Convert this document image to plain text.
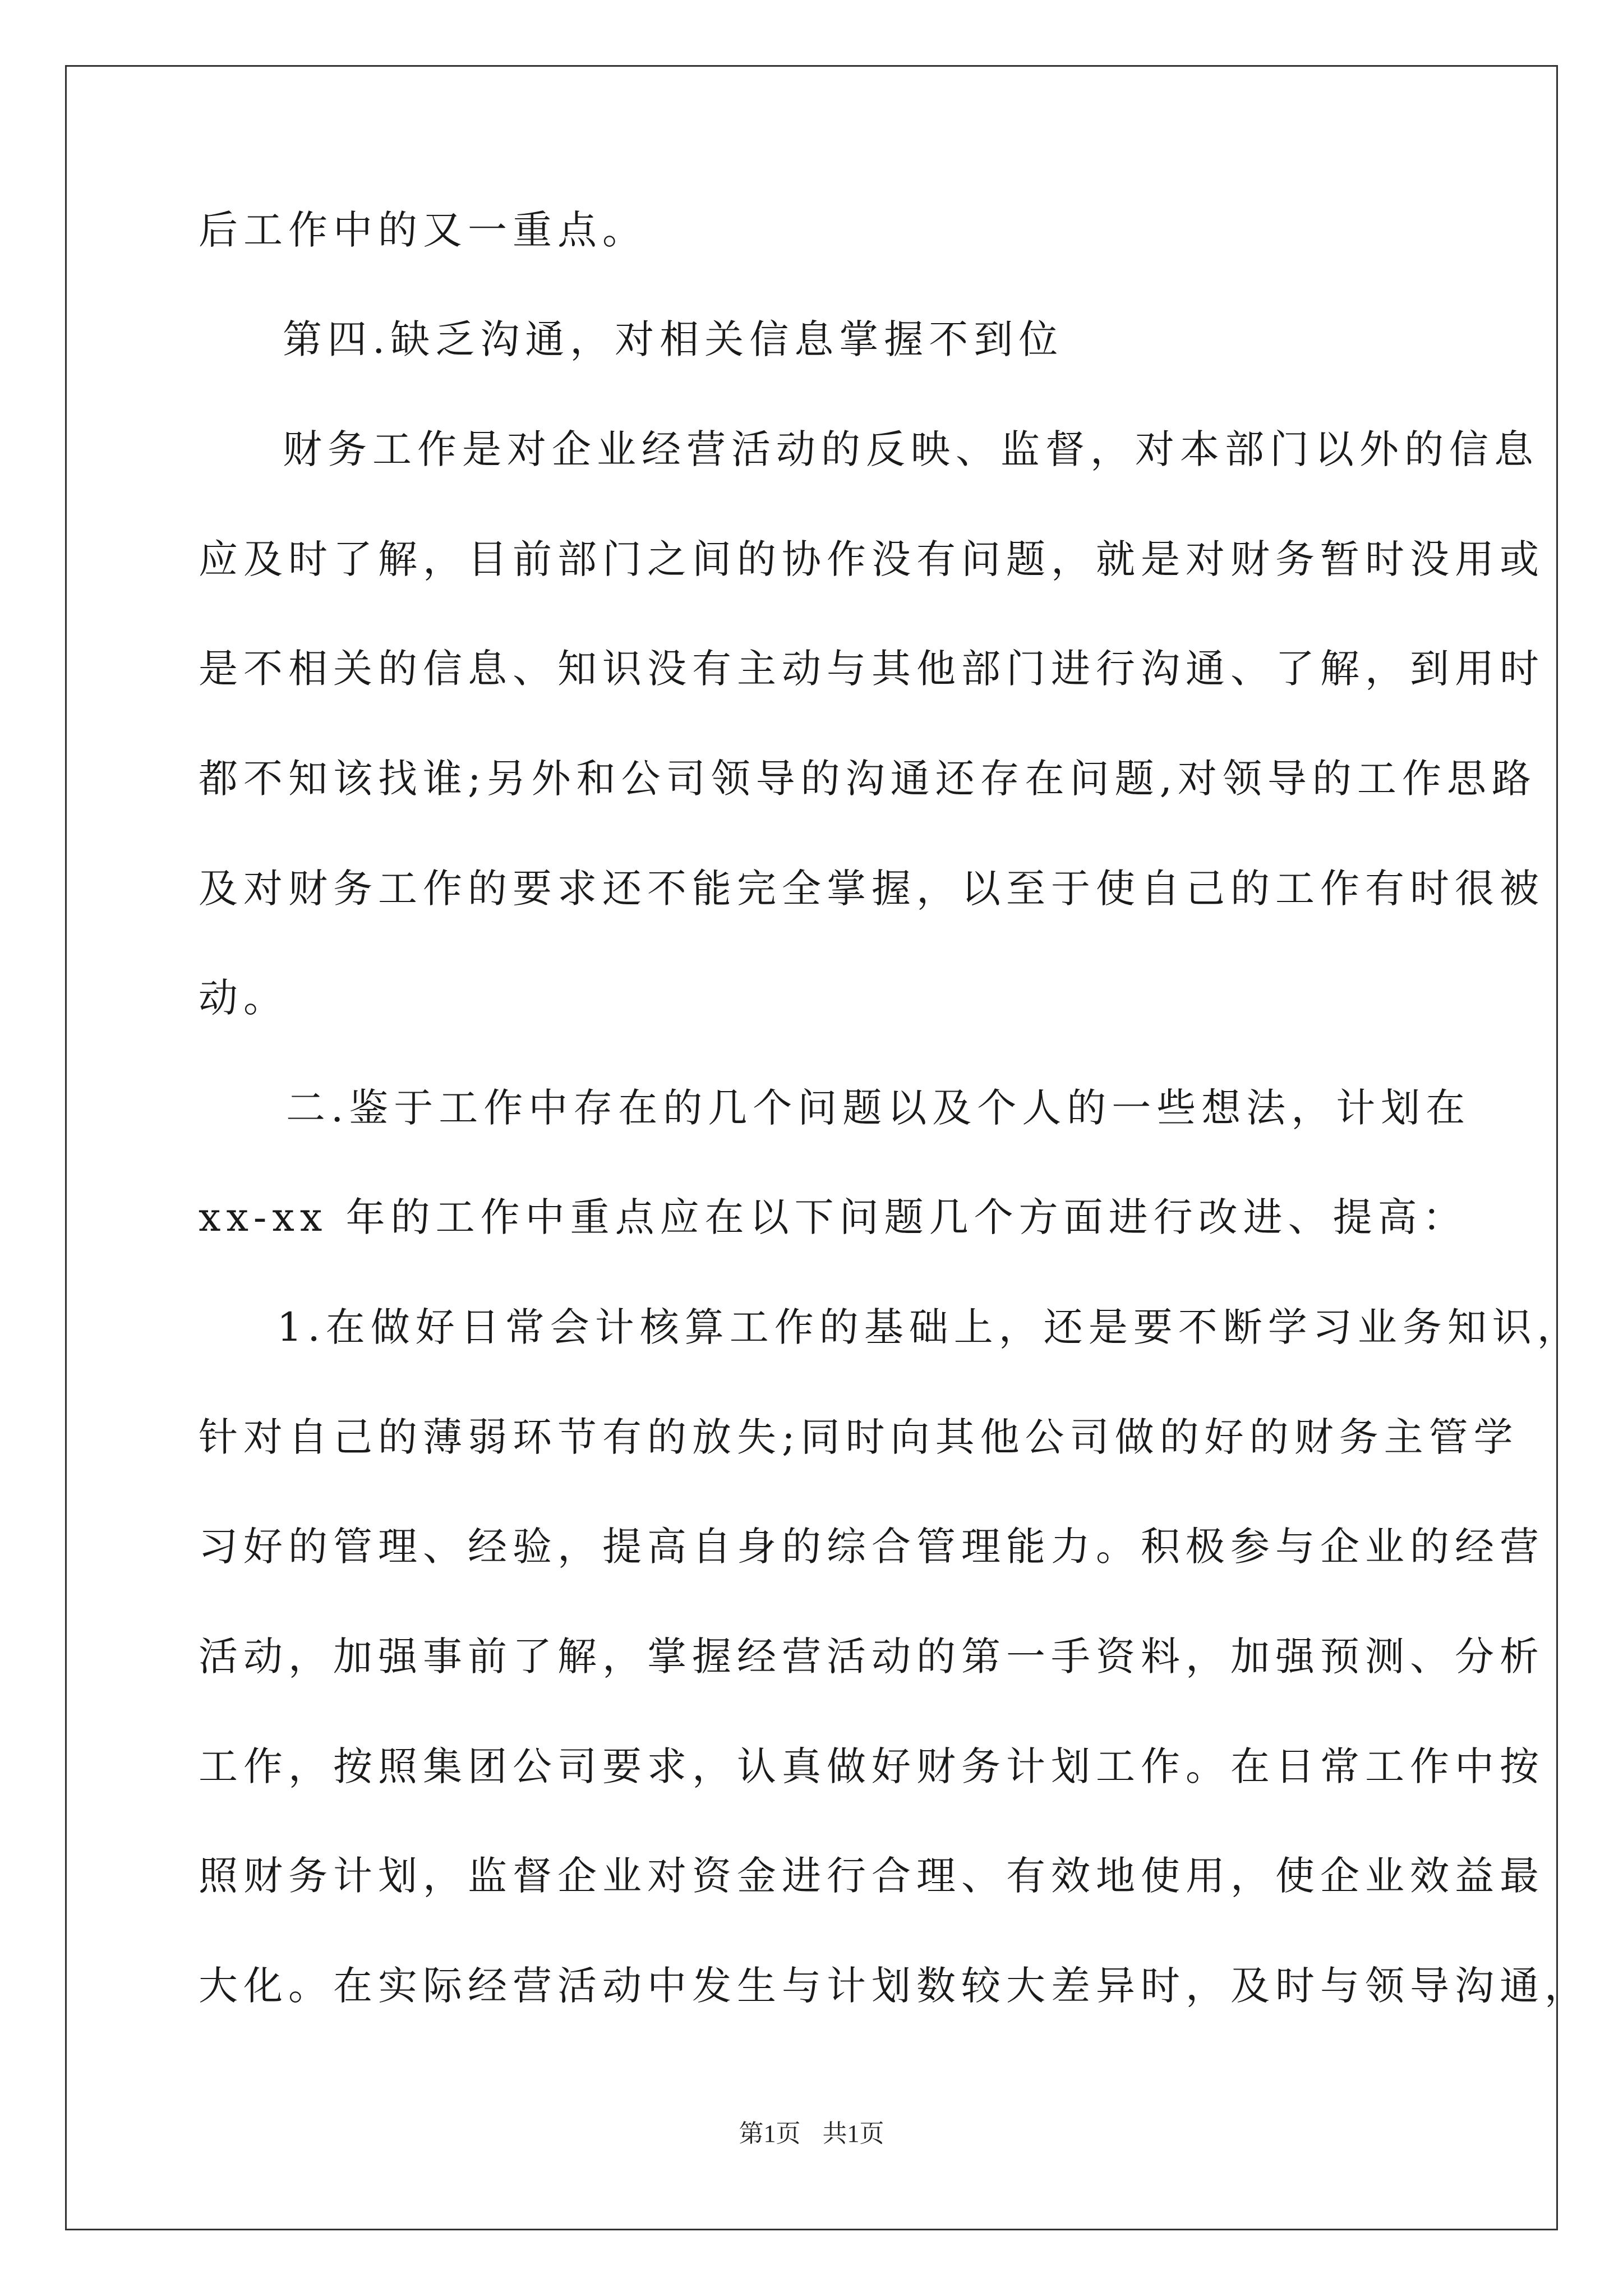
后工作中的又一重点。
第四.缺乏沟通，对相关信息掌握不到位
财务工作是对企业经营活动的反映、监督，对本部门以外的信息
应及时了解，目前部门之间的协作没有问题，就是对财务暂时没用或
是不相关的信息、知识没有主动与其他部门进行沟通、了解，到用时
都不知该找谁;另外和公司领导的沟通还存在问题,对领导的工作思路
及对财务工作的要求还不能完全掌握，以至于使自己的工作有时很被
动。
二.鉴于工作中存在的几个问题以及个人的一些想法，计划在
xx-xx 年的工作中重点应在以下问题几个方面进行改进、提高：
1.在做好日常会计核算工作的基础上，还是要不断学习业务知识，
针对自己的薄弱环节有的放失;同时向其他公司做的好的财务主管学
习好的管理、经验，提高自身的综合管理能力。积极参与企业的经营
活动，加强事前了解，掌握经营活动的第一手资料，加强预测、分析
工作，按照集团公司要求，认真做好财务计划工作。在日常工作中按
照财务计划，监督企业对资金进行合理、有效地使用，使企业效益最
大化。在实际经营活动中发生与计划数较大差异时，及时与领导沟通，
第1页 共1页
